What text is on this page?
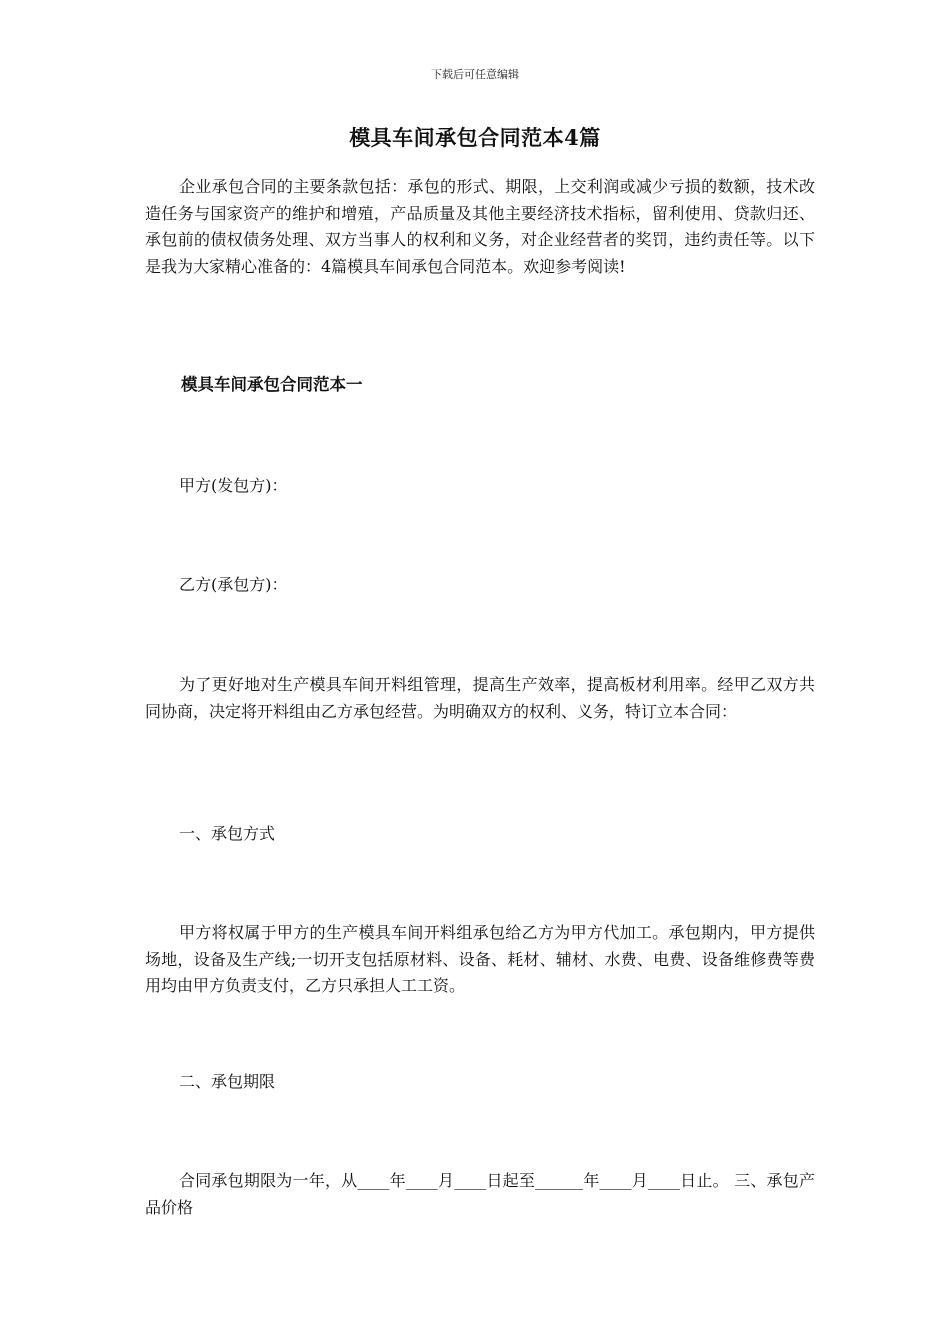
下载后可任意编辑
模具车间承包合同范本4篇

企业承包合同的主要条款包括：承包的形式、期限，上交利润或减少亏损的数额，技术改造任务与国家资产的维护和增殖，产品质量及其他主要经济技术指标，留利使用、贷款归还、承包前的债权债务处理、双方当事人的权利和义务，对企业经营者的奖罚，违约责任等。以下是我为大家精心准备的：4篇模具车间承包合同范本。欢迎参考阅读!

模具车间承包合同范本一

甲方(发包方)：

乙方(承包方)：

为了更好地对生产模具车间开料组管理，提高生产效率，提高板材利用率。经甲乙双方共同协商，决定将开料组由乙方承包经营。为明确双方的权利、义务，特订立本合同：

一、承包方式

甲方将权属于甲方的生产模具车间开料组承包给乙方为甲方代加工。承包期内，甲方提供场地，设备及生产线;一切开支包括原材料、设备、耗材、辅材、水费、电费、设备维修费等费用均由甲方负责支付，乙方只承担人工工资。

二、承包期限

合同承包期限为一年，从____年____月____日起至______年____月____日止。 三、承包产品价格
